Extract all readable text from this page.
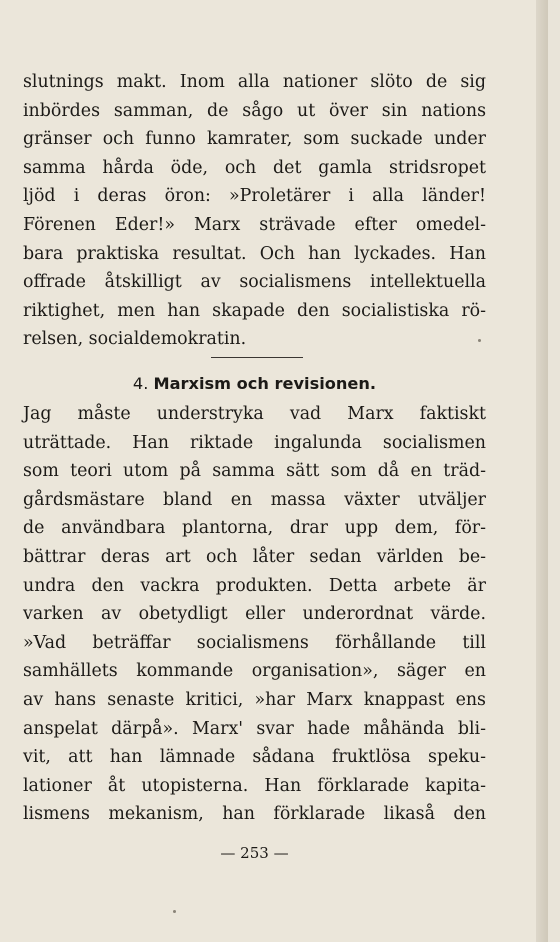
slutnings makt. Inom alla nationer slöto de sig
inbördes samman, de sågo ut över sin nations
gränser och funno kamrater, som suckade under
samma hårda öde, och det gamla stridsropet
ljöd i deras öron: »Proletärer i alla länder!
Förenen Eder!» Marx strävade efter omedel-
bara praktiska resultat. Och han lyckades. Han
offrade åtskilligt av socialismens intellektuella
riktighet, men han skapade den socialistiska rö-
relsen, socialdemokratin.
4. Marxism och revisionen.
Jag måste understryka vad Marx faktiskt
uträttade. Han riktade ingalunda socialismen
som teori utom på samma sätt som då en träd-
gårdsmästare bland en massa växter utväljer
de användbara plantorna, drar upp dem, för-
bättrar deras art och låter sedan världen be-
undra den vackra produkten. Detta arbete är
varken av obetydligt eller underordnat värde.
»Vad beträffar socialismens förhållande till
samhällets kommande organisation», säger en
av hans senaste kritici, »har Marx knappast ens
anspelat därpå». Marx' svar hade måhända bli-
vit, att han lämnade sådana fruktlösa speku-
lationer åt utopisterna. Han förklarade kapita-
lismens mekanism, han förklarade likaså den
— 253 —
